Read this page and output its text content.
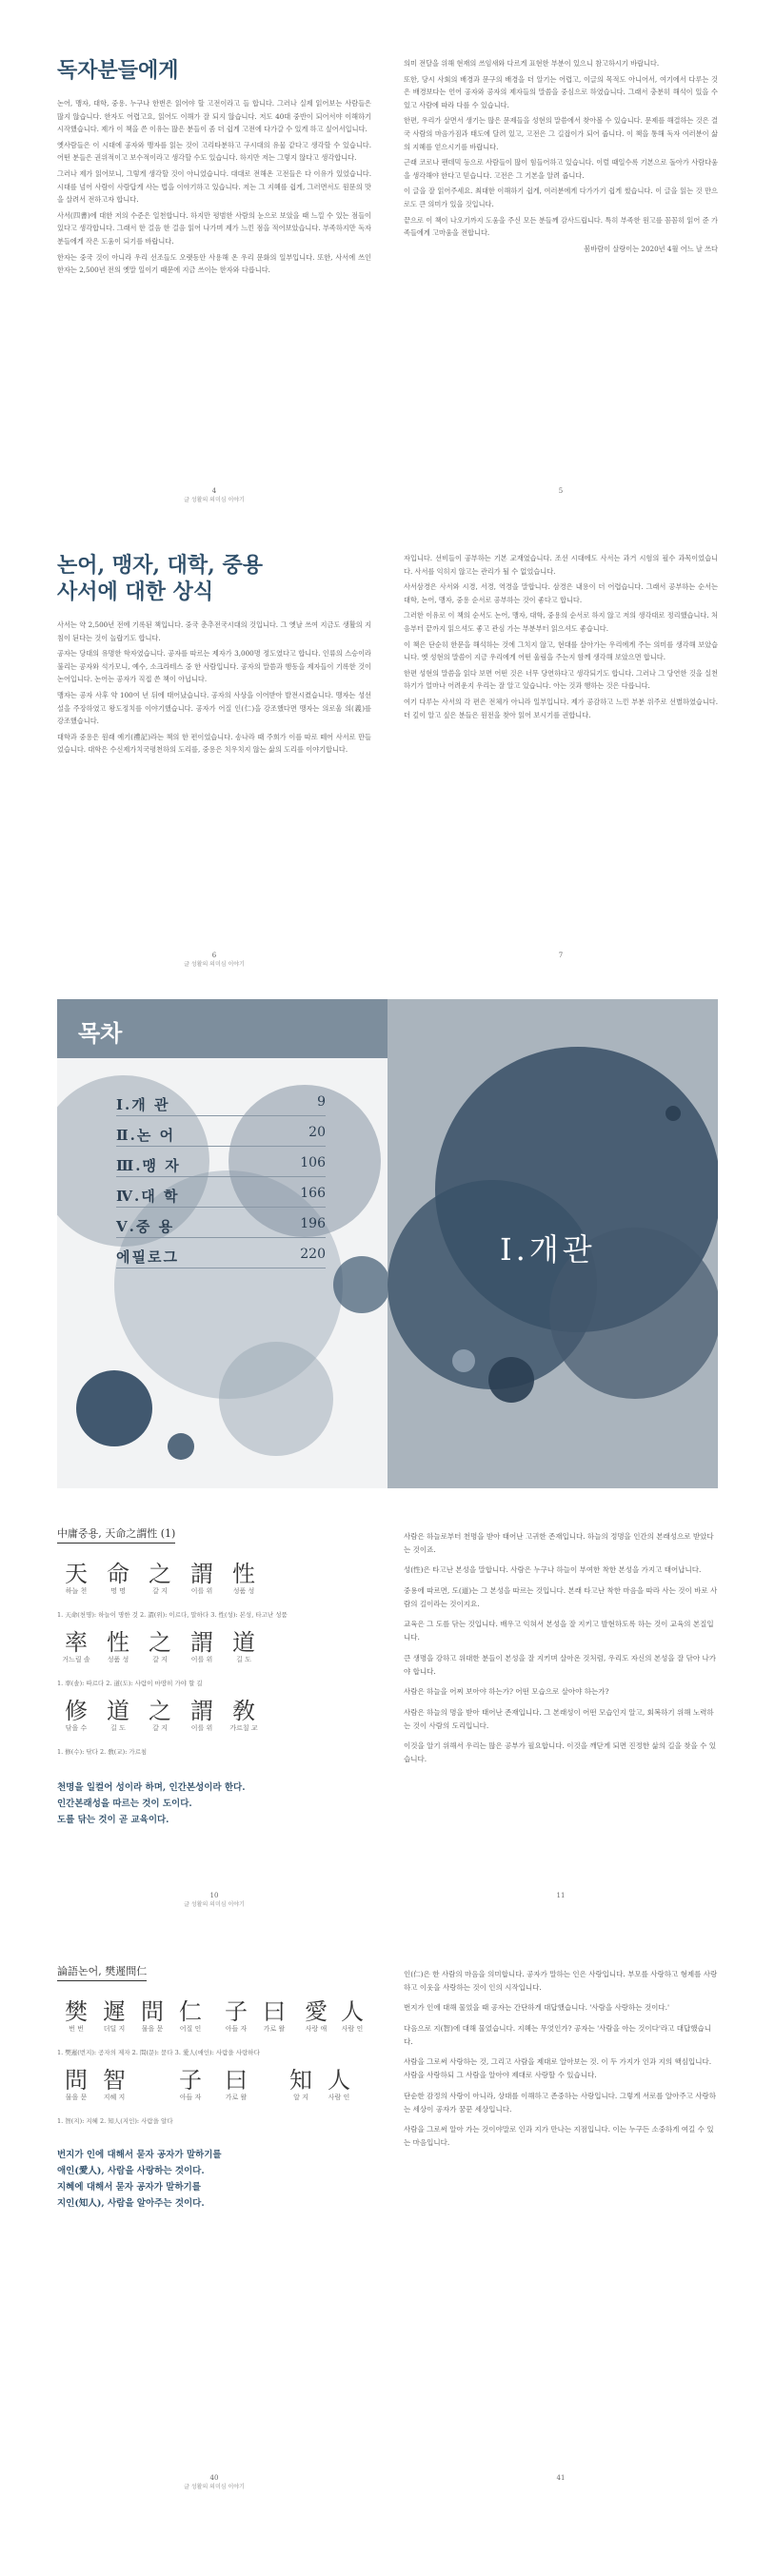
독자분들에게

논어, 맹자, 대학, 중용. 누구나 한번은 읽어야 할 고전이라고 들 합니다. 그러나 실제 읽어보는 사람들은 많지 않습니다. 한자도 어렵고요, 읽어도 이해가 잘 되지 않습니다. 저도 40대 중반이 되어서야 이해하기 시작했습니다. 제가 이 책을 쓴 이유는 많은 분들이 좀 더 쉽게 고전에 다가갈 수 있게 하고 싶어서입니다.

옛사람들은 이 시대에 공자와 맹자를 읽는 것이 고리타분하고 구시대의 유물 같다고 생각할 수 있습니다. 어떤 분들은 권위적이고 보수적이라고 생각할 수도 있습니다. 하지만 저는 그렇지 않다고 생각합니다.

그러나 제가 읽어보니, 그렇게 생각할 것이 아니었습니다. 대대로 전해온 고전들은 다 이유가 있었습니다. 시대를 넘어 사람이 사람답게 사는 법을 이야기하고 있습니다. 저는 그 지혜를 쉽게, 그러면서도 원문의 맛을 살려서 전하고자 합니다.

사서(四書)에 대한 저의 수준은 일천합니다. 하지만 평범한 사람의 눈으로 보았을 때 느낄 수 있는 점들이 있다고 생각합니다. 그래서 한 걸음 한 걸음 읽어 나가며 제가 느낀 점을 적어보았습니다. 부족하지만 독자분들에게 작은 도움이 되기를 바랍니다.

한자는 중국 것이 아니라 우리 선조들도 오랫동안 사용해 온 우리 문화의 일부입니다. 또한, 사서에 쓰인 한자는 2,500년 전의 옛말 일이기 때문에 지금 쓰이는 한자와 다릅니다.

4
글 성활의 의미심 이야기

의미 전달을 위해 현재의 쓰임새와 다르게 표현한 부분이 있으니 참고하시기 바랍니다.

또한, 당시 사회의 배경과 문구의 배경을 더 알기는 어렵고, 이글의 목적도 아니어서, 여기에서 다루는 것은 배경보다는 언어 공자와 공자의 제자들의 말씀을 중심으로 하였습니다. 그래서 충분히 해석이 있을 수 있고 사람에 따라 다를 수 있습니다.

한편, 우리가 살면서 생기는 많은 문제들을 성현의 말씀에서 찾아볼 수 있습니다. 문제를 해결하는 것은 결국 사람의 마음가짐과 태도에 달려 있고, 고전은 그 길잡이가 되어 줍니다. 이 책을 통해 독자 여러분이 삶의 지혜를 얻으시기를 바랍니다.

근래 코로나 팬데믹 등으로 사람들이 많이 힘들어하고 있습니다. 이럴 때일수록 기본으로 돌아가 사람다움을 생각해야 한다고 믿습니다. 고전은 그 기본을 알려 줍니다.

이 글을 잘 읽어주세요. 최대한 이해하기 쉽게, 여러분에게 다가가기 쉽게 썼습니다. 이 글을 읽는 것 만으로도 큰 의미가 있을 것입니다.

끝으로 이 책이 나오기까지 도움을 주신 모든 분들께 감사드립니다. 특히 부족한 원고를 꼼꼼히 읽어 준 가족들에게 고마움을 전합니다.

봄바람이 살랑이는 2020년 4월 어느 날 쓰다

5
논어, 맹자, 대학, 중용
사서에 대한 상식

사서는 약 2,500년 전에 기록된 책입니다. 중국 춘추전국시대의 것입니다. 그 옛날 쓰여 지금도 생활의 지침이 된다는 것이 놀랍기도 합니다.

공자는 당대의 유명한 학자였습니다. 공자를 따르는 제자가 3,000명 정도였다고 합니다. 인류의 스승이라 불리는 공자와 석가모니, 예수, 소크라테스 중 한 사람입니다. 공자의 말씀과 행동을 제자들이 기록한 것이 논어입니다. 논어는 공자가 직접 쓴 책이 아닙니다.

맹자는 공자 사후 약 100여 년 뒤에 태어났습니다. 공자의 사상을 이어받아 발전시켰습니다. 맹자는 성선설을 주장하였고 왕도정치를 이야기했습니다. 공자가 어질 인(仁)을 강조했다면 맹자는 의로울 의(義)를 강조했습니다.

대학과 중용은 원래 예기(禮記)라는 책의 한 편이었습니다. 송나라 때 주희가 이를 따로 떼어 사서로 만들었습니다. 대학은 수신제가치국평천하의 도리를, 중용은 치우치지 않는 삶의 도리를 이야기합니다.

6
글 성활의 의미심 이야기

자입니다. 선비들이 공부하는 기본 교재였습니다. 조선 시대에도 사서는 과거 시험의 필수 과목이었습니다. 사서를 익히지 않고는 관리가 될 수 없었습니다.

사서삼경은 사서와 시경, 서경, 역경을 말합니다. 삼경은 내용이 더 어렵습니다. 그래서 공부하는 순서는 대학, 논어, 맹자, 중용 순서로 공부하는 것이 좋다고 합니다.

그러한 이유로 이 책의 순서도 논어, 맹자, 대학, 중용의 순서로 하지 않고 저의 생각대로 정리했습니다. 처음부터 끝까지 읽으셔도 좋고 관심 가는 부분부터 읽으셔도 좋습니다.

이 책은 단순히 한문을 해석하는 것에 그치지 않고, 현대를 살아가는 우리에게 주는 의미를 생각해 보았습니다. 옛 성현의 말씀이 지금 우리에게 어떤 울림을 주는지 함께 생각해 보았으면 합니다.

한편 성현의 말씀을 읽다 보면 어떤 것은 너무 당연하다고 생각되기도 합니다. 그러나 그 당연한 것을 실천하기가 얼마나 어려운지 우리는 잘 알고 있습니다. 아는 것과 행하는 것은 다릅니다.

여기 다루는 사서의 각 편은 전체가 아니라 일부입니다. 제가 공감하고 느낀 부분 위주로 선별하였습니다. 더 깊이 알고 싶은 분들은 원전을 찾아 읽어 보시기를 권합니다.

7
목차
Ⅰ.개 관	9
Ⅱ.논 어	20
Ⅲ.맹 자	106
Ⅳ.대 학	166
Ⅴ.중 용	196
에필로그	220	Ⅰ.개관
中庸중용, 天命之謂性 (1)
天
하늘 천
命
명 명
之
갈 지
謂
이를 위
性
성품 성
1. 天命(천명): 하늘이 명한 것 2. 謂(위): 이르다, 말하다 3. 性(성): 본성, 타고난 성품
率
거느릴 솔
性
성품 성
之
갈 지
謂
이를 위
道
길 도
1. 率(솔): 따르다 2. 道(도): 사람이 마땅히 가야 할 길
修
닦을 수
道
길 도
之
갈 지
謂
이를 위
敎
가르칠 교
1. 修(수): 닦다 2. 敎(교): 가르침
천명을 일컬어 성이라 하며, 인간본성이라 한다.
인간본래성을 따르는 것이 도이다.
도를 닦는 것이 곧 교육이다.
10
글 성활의 의미심 이야기

사람은 하늘로부터 천명을 받아 태어난 고귀한 존재입니다. 하늘의 정명을 인간의 본래성으로 받았다는 것이죠.

성(性)은 타고난 본성을 말합니다. 사람은 누구나 하늘이 부여한 착한 본성을 가지고 태어납니다.

중용에 따르면, 도(道)는 그 본성을 따르는 것입니다. 본래 타고난 착한 마음을 따라 사는 것이 바로 사람의 길이라는 것이지요.

교육은 그 도를 닦는 것입니다. 배우고 익혀서 본성을 잘 지키고 발현하도록 하는 것이 교육의 본질입니다.

큰 생명을 강하고 위대한 분들이 본성을 잘 지키며 살아온 것처럼, 우리도 자신의 본성을 잘 닦아 나가야 합니다.

사람은 하늘을 어찌 보아야 하는가? 어떤 모습으로 살아야 하는가?

사람은 하늘의 명을 받아 태어난 존재입니다. 그 본래성이 어떤 모습인지 알고, 회복하기 위해 노력하는 것이 사람의 도리입니다.

이것을 알기 위해서 우리는 많은 공부가 필요합니다. 이것을 깨닫게 되면 진정한 삶의 길을 찾을 수 있습니다.

11
論語논어, 樊遲問仁
樊
번 번
遲
더딜 지
問
물을 문
仁
어질 인
子
아들 자
曰
가로 왈
愛
사랑 애
人
사람 인
1. 樊遲(번지): 공자의 제자 2. 問(문): 묻다 3. 愛人(애인): 사람을 사랑하다
問
물을 문
智
지혜 지
子
아들 자
曰
가로 왈
知
알 지
人
사람 인
1. 智(지): 지혜 2. 知人(지인): 사람을 알다
번지가 인에 대해서 묻자 공자가 말하기를
애인(愛人), 사람을 사랑하는 것이다.
지혜에 대해서 묻자 공자가 말하기를
지인(知人), 사람을 알아주는 것이다.
40
글 성활의 의미심 이야기

인(仁)은 한 사람의 마음을 의미합니다. 공자가 말하는 인은 사랑입니다. 부모를 사랑하고 형제를 사랑하고 이웃을 사랑하는 것이 인의 시작입니다.

번지가 인에 대해 물었을 때 공자는 간단하게 대답했습니다. '사람을 사랑하는 것이다.'

다음으로 지(智)에 대해 물었습니다. 지혜는 무엇인가? 공자는 '사람을 아는 것이다'라고 대답했습니다.

사람을 그로써 사랑하는 것, 그리고 사람을 제대로 알아보는 것. 이 두 가지가 인과 지의 핵심입니다. 사람을 사랑하되 그 사람을 알아야 제대로 사랑할 수 있습니다.

단순한 감정의 사랑이 아니라, 상대를 이해하고 존중하는 사랑입니다. 그렇게 서로를 알아주고 사랑하는 세상이 공자가 꿈꾼 세상입니다.

사람을 그로써 알아 가는 것이야말로 인과 지가 만나는 지점입니다. 이는 누구든 소중하게 여길 수 있는 마음입니다.

41
